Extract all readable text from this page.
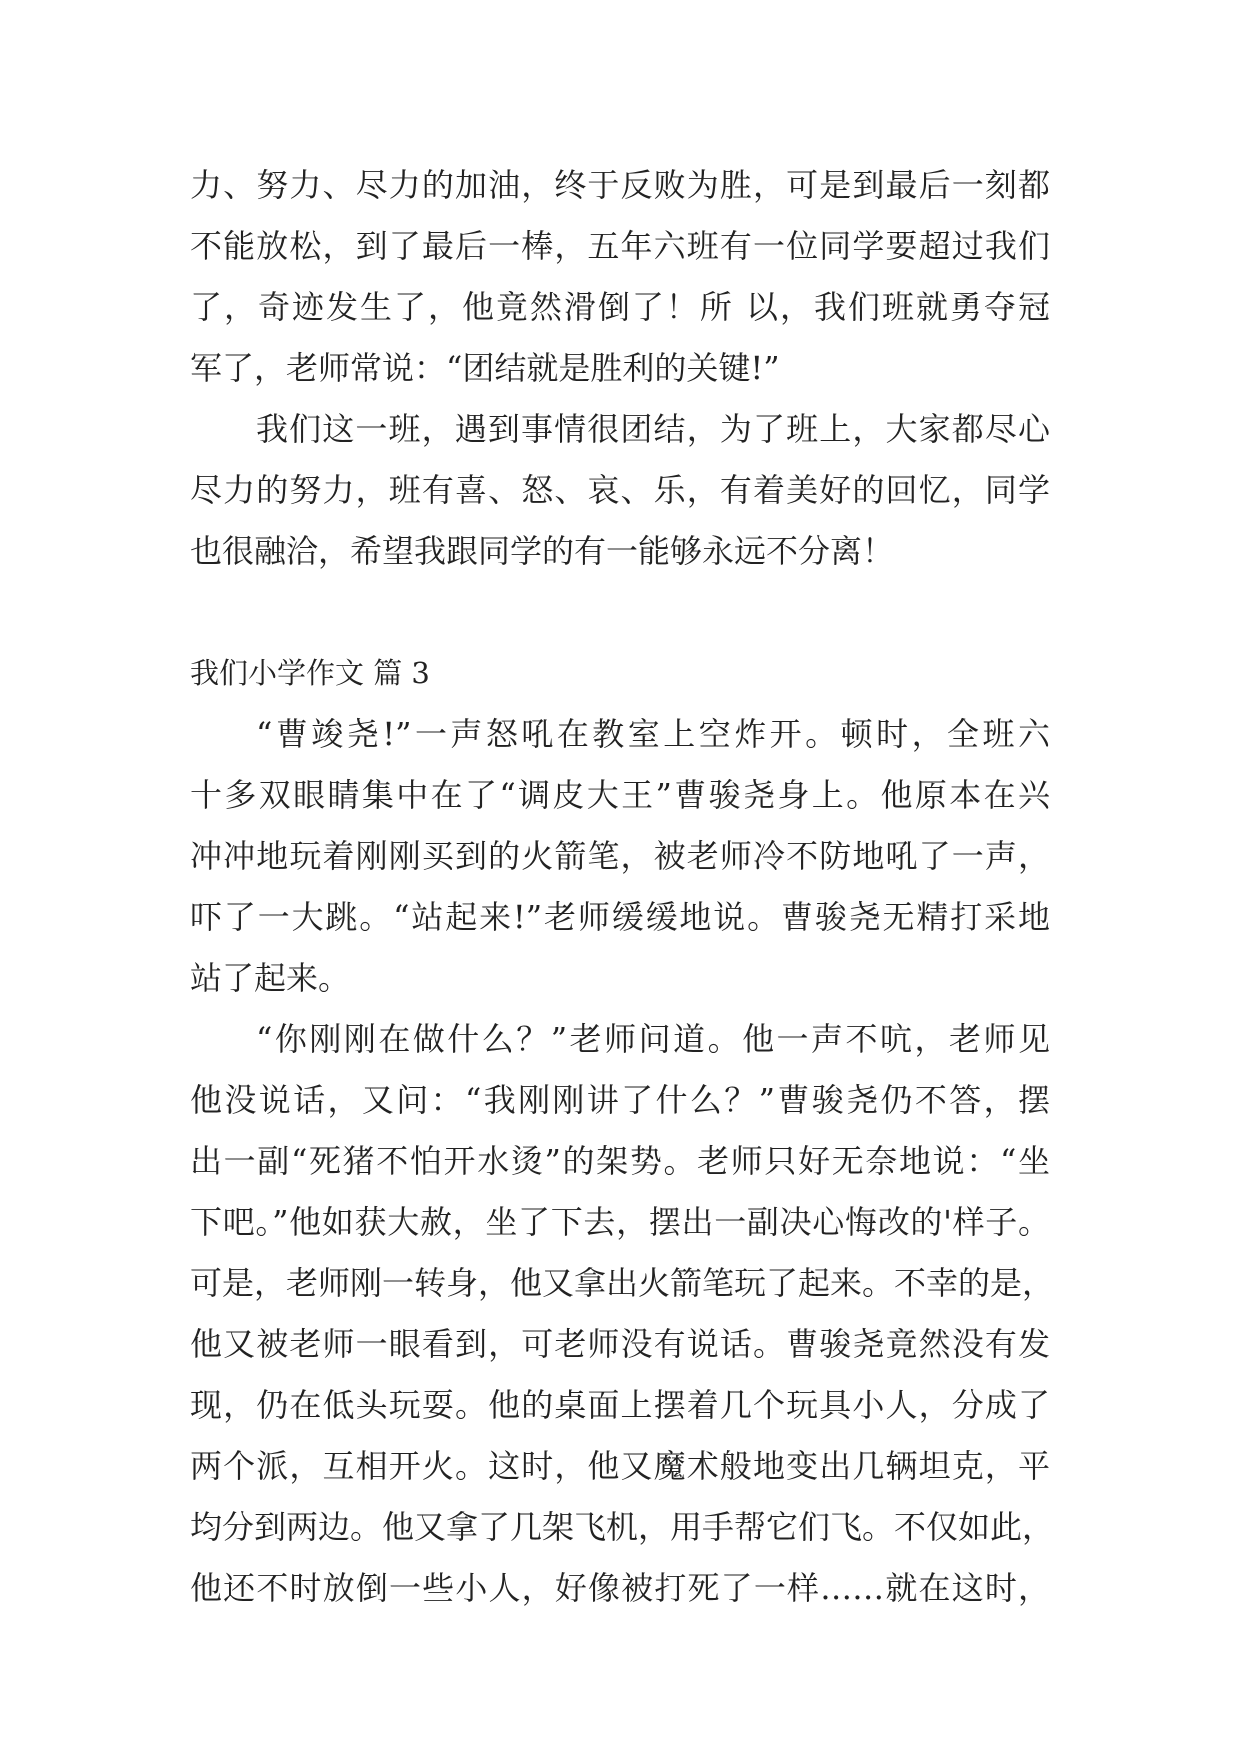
力、努力、尽力的加油，终于反败为胜，可是到最后一刻都
不能放松，到了最后一棒，五年六班有一位同学要超过我们
了，奇迹发生了，他竟然滑倒了！所 以，我们班就勇夺冠
军了，老师常说：“团结就是胜利的关键!”
我们这一班，遇到事情很团结，为了班上，大家都尽心
尽力的努力，班有喜、怒、哀、乐，有着美好的回忆，同学
也很融洽，希望我跟同学的有一能够永远不分离！
我们小学作文 篇 3
“曹竣尧!”一声怒吼在教室上空炸开。顿时，全班六
十多双眼睛集中在了“调皮大王”曹骏尧身上。他原本在兴
冲冲地玩着刚刚买到的火箭笔，被老师冷不防地吼了一声，
吓了一大跳。“站起来!”老师缓缓地说。曹骏尧无精打采地
站了起来。
“你刚刚在做什么？”老师问道。他一声不吭，老师见
他没说话，又问：“我刚刚讲了什么？”曹骏尧仍不答，摆
出一副“死猪不怕开水烫”的架势。老师只好无奈地说：“坐
下吧。”他如获大赦，坐了下去，摆出一副决心悔改的'样子。
可是，老师刚一转身，他又拿出火箭笔玩了起来。不幸的是，
他又被老师一眼看到，可老师没有说话。曹骏尧竟然没有发
现，仍在低头玩耍。他的桌面上摆着几个玩具小人，分成了
两个派，互相开火。这时，他又魔术般地变出几辆坦克，平
均分到两边。他又拿了几架飞机，用手帮它们飞。不仅如此，
他还不时放倒一些小人，好像被打死了一样……就在这时，
